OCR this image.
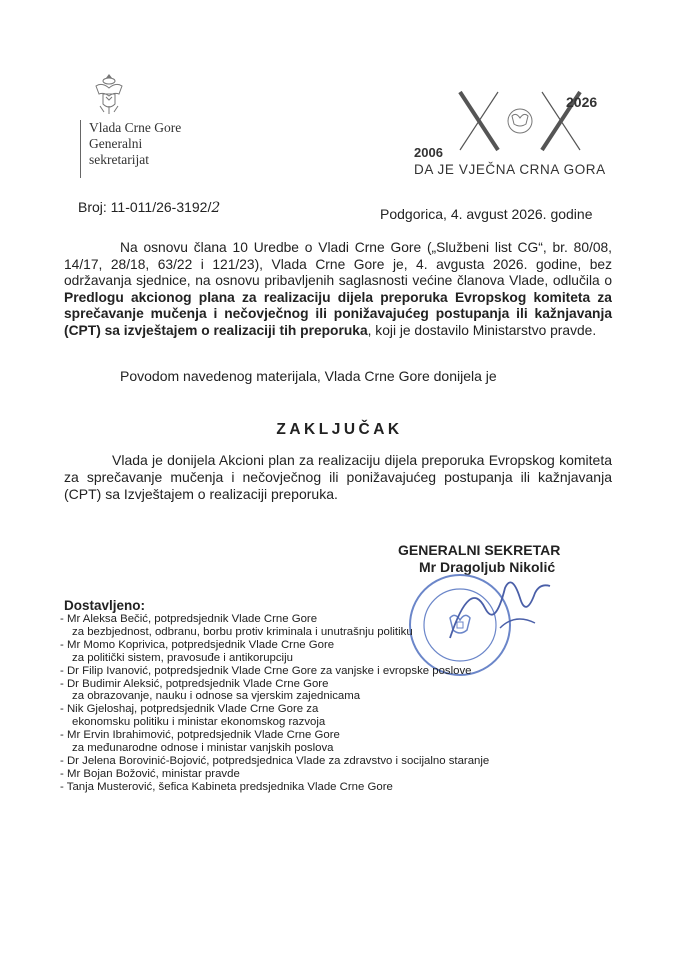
Vlada Crne Gore
Generalni
sekretarijat
2026
2006
DA JE VJEČNA CRNA GORA
Broj: 11-011/26-3192/2	Podgorica, 4. avgust 2026. godine
Na osnovu člana 10 Uredbe o Vladi Crne Gore („Službeni list CG“, br. 80/08, 14/17, 28/18, 63/22 i 121/23), Vlada Crne Gore je, 4. avgusta 2026. godine, bez održavanja sjednice, na osnovu pribavljenih saglasnosti većine članova Vlade, odlučila o Predlogu akcionog plana za realizaciju dijela preporuka Evropskog komiteta za sprečavanje mučenja i nečovječnog ili ponižavajućeg postupanja ili kažnjavanja (CPT) sa izvještajem o realizaciji tih preporuka, koji je dostavilo Ministarstvo pravde.
Povodom navedenog materijala, Vlada Crne Gore donijela je
ZAKLJUČAK
Vlada je donijela Akcioni plan za realizaciju dijela preporuka Evropskog komiteta za sprečavanje mučenja i nečovječnog ili ponižavajućeg postupanja ili kažnjavanja (CPT) sa Izvještajem o realizaciji preporuka.
GENERALNI SEKRETAR
Mr Dragoljub Nikolić
Dostavljeno:
- Mr Aleksa Bečić, potpredsjednik Vlade Crne Gore
za bezbjednost, odbranu, borbu protiv kriminala i unutrašnju politiku
- Mr Momo Koprivica, potpredsjednik Vlade Crne Gore
za politički sistem, pravosuđe i antikorupciju
- Dr Filip Ivanović, potpredsjednik Vlade Crne Gore za vanjske i evropske poslove
- Dr Budimir Aleksić, potpredsjednik Vlade Crne Gore
za obrazovanje, nauku i odnose sa vjerskim zajednicama
- Nik Gjeloshaj, potpredsjednik Vlade Crne Gore za
ekonomsku politiku i ministar ekonomskog razvoja
- Mr Ervin Ibrahimović, potpredsjednik Vlade Crne Gore
za međunarodne odnose i ministar vanjskih poslova
- Dr Jelena Borovinić-Bojović, potpredsjednica Vlade za zdravstvo i socijalno staranje
- Mr Bojan Božović, ministar pravde
- Tanja Musterović, šefica Kabineta predsjednika Vlade Crne Gore
